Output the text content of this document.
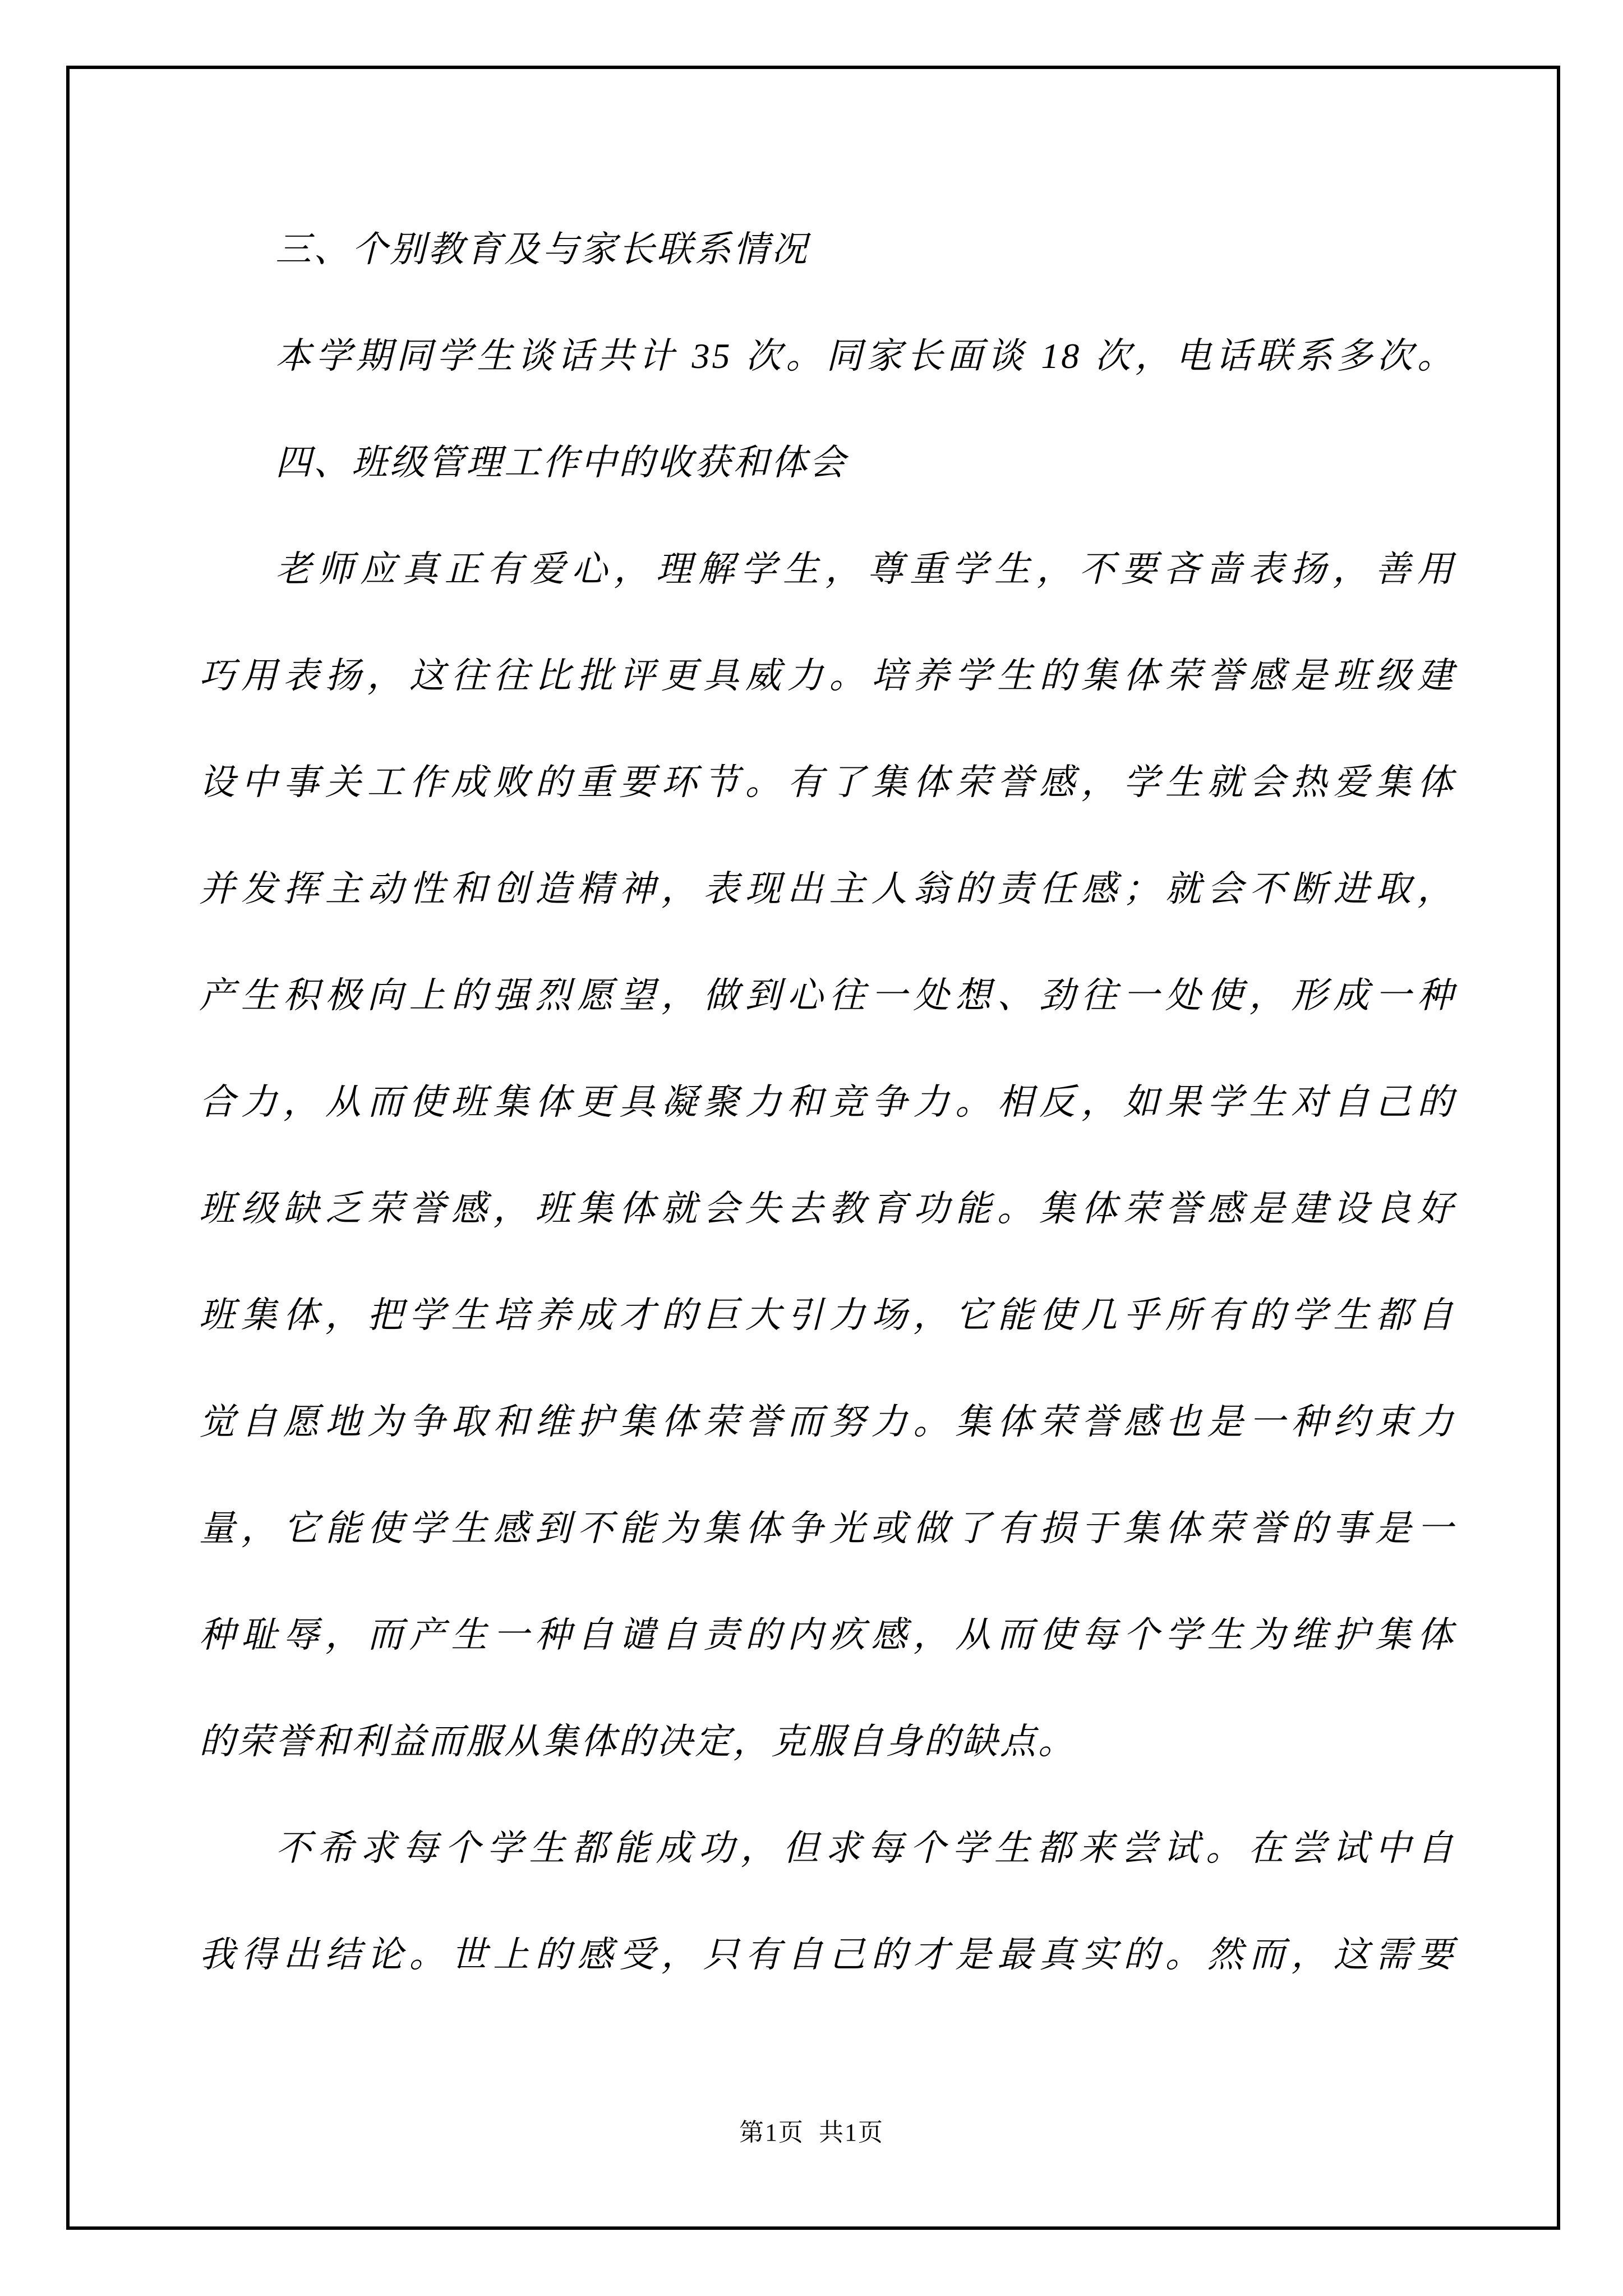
三、个别教育及与家长联系情况

本学期同学生谈话共计 35 次。同家长面谈 18 次，电话联系多次。

四、班级管理工作中的收获和体会

老师应真正有爱心，理解学生，尊重学生，不要吝啬表扬，善用

巧用表扬，这往往比批评更具威力。培养学生的集体荣誉感是班级建

设中事关工作成败的重要环节。有了集体荣誉感，学生就会热爱集体

并发挥主动性和创造精神，表现出主人翁的责任感；就会不断进取，

产生积极向上的强烈愿望，做到心往一处想、劲往一处使，形成一种

合力，从而使班集体更具凝聚力和竞争力。相反，如果学生对自己的

班级缺乏荣誉感，班集体就会失去教育功能。集体荣誉感是建设良好

班集体，把学生培养成才的巨大引力场，它能使几乎所有的学生都自

觉自愿地为争取和维护集体荣誉而努力。集体荣誉感也是一种约束力

量，它能使学生感到不能为集体争光或做了有损于集体荣誉的事是一

种耻辱，而产生一种自谴自责的内疚感，从而使每个学生为维护集体

的荣誉和利益而服从集体的决定，克服自身的缺点。

不希求每个学生都能成功，但求每个学生都来尝试。在尝试中自

我得出结论。世上的感受，只有自己的才是最真实的。然而，这需要

第1页  共1页
